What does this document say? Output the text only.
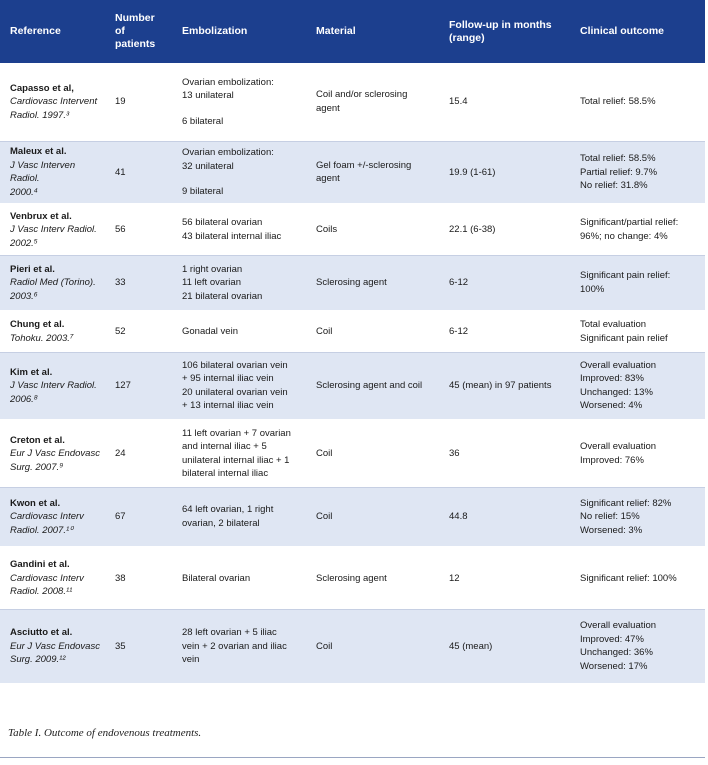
Reference	Number
of
patients	Embolization	Material	Follow-up in months
(range)	Clinical outcome

Capasso et al,
Cardiovasc Intervent
Radiol. 1997.³	19	Ovarian embolization:
13 unilateral
6 bilateral	Coil and/or sclerosing
agent	15.4	Total relief: 58.5%

Maleux et al.
J Vasc Interven Radiol.
2000.⁴	41	Ovarian embolization:
32 unilateral
9 bilateral	Gel foam +/-sclerosing
agent	19.9 (1-61)	Total relief: 58.5%
Partial relief: 9.7%
No relief: 31.8%

Venbrux et al.
J Vasc Interv Radiol.
2002.⁵	56	56 bilateral ovarian
43 bilateral internal iliac	Coils	22.1 (6-38)	Significant/partial relief:
96%; no change: 4%

Pieri et al.
Radiol Med (Torino).
2003.⁶	33	1 right ovarian
11 left ovarian
21 bilateral ovarian	Sclerosing agent	6-12	Significant pain relief:
100%

Chung et al.
Tohoku. 2003.⁷	52	Gonadal vein	Coil	6-12	Total evaluation
Significant pain relief

Kim et al.
J Vasc Interv Radiol.
2006.⁸	127	106 bilateral ovarian vein
+ 95 internal iliac vein
20 unilateral ovarian vein
+ 13 internal iliac vein	Sclerosing agent and coil	45 (mean) in 97 patients	Overall evaluation
Improved: 83%
Unchanged: 13%
Worsened: 4%

Creton et al.
Eur J Vasc Endovasc
Surg. 2007.⁹	24	11 left ovarian + 7 ovarian
and internal iliac + 5
unilateral internal iliac + 1
bilateral internal iliac	Coil	36	Overall evaluation
Improved: 76%

Kwon et al.
Cardiovasc Interv
Radiol. 2007.¹⁰	67	64 left ovarian, 1 right
ovarian, 2 bilateral	Coil	44.8	Significant relief: 82%
No relief: 15%
Worsened: 3%

Gandini et al.
Cardiovasc Interv
Radiol. 2008.¹¹	38	Bilateral ovarian	Sclerosing agent	12	Significant relief: 100%

Asciutto et al.
Eur J Vasc Endovasc
Surg. 2009.¹²	35	28 left ovarian + 5 iliac
vein + 2 ovarian and iliac
vein	Coil	45 (mean)	Overall evaluation
Improved: 47%
Unchanged: 36%
Worsened: 17%
Table I. Outcome of endovenous treatments.
